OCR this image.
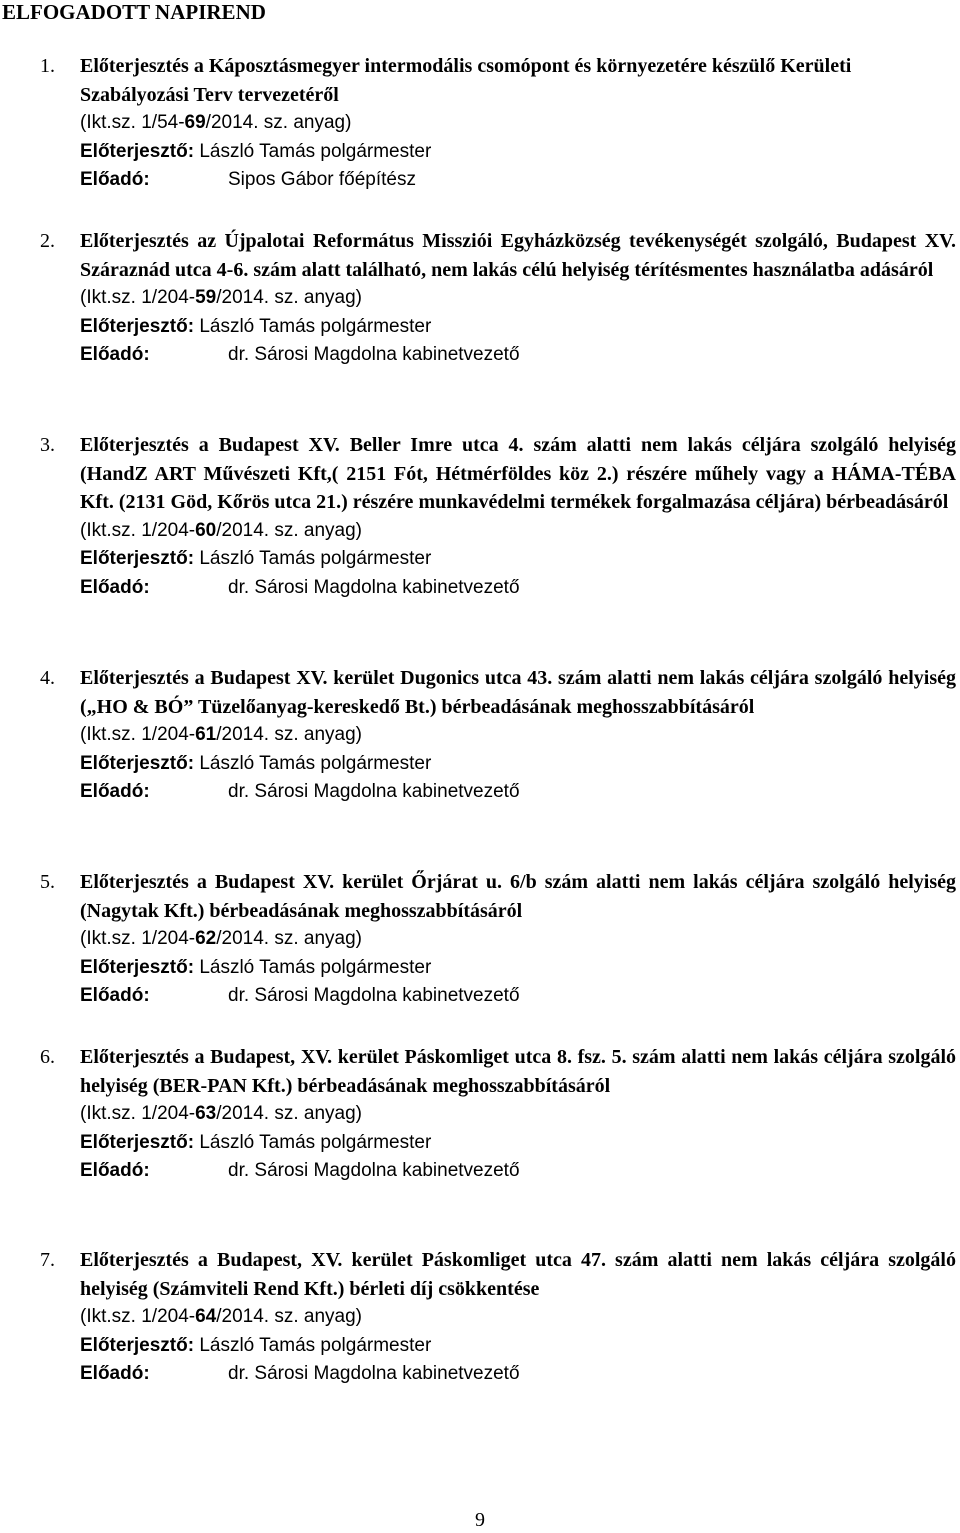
ELFOGADOTT NAPIREND
1. Előterjesztés a Káposztásmegyer intermodális csomópont és környezetére készülő Kerületi Szabályozási Terv tervezetéről
(Ikt.sz. 1/54-69/2014. sz. anyag)
Előterjesztő: László Tamás polgármester
Előadó:	Sipos Gábor főépítész
2. Előterjesztés az Újpalotai Református Missziói Egyházközség tevékenységét szolgáló, Budapest XV. Száraznád utca 4-6. szám alatt található, nem lakás célú helyiség térítésmentes használatba adásáról
(Ikt.sz. 1/204-59/2014. sz. anyag)
Előterjesztő: László Tamás polgármester
Előadó:	dr. Sárosi Magdolna kabinetvezető
3. Előterjesztés a Budapest XV. Beller Imre utca 4. szám alatti nem lakás céljára szolgáló helyiség (HandZ ART Művészeti Kft,( 2151 Fót, Hétmérföldes köz 2.) részére műhely vagy a HÁMA-TÉBA Kft. (2131 Göd, Kőrös utca 21.) részére munkavédelmi termékek forgalmazása céljára) bérbeadásáról
(Ikt.sz. 1/204-60/2014. sz. anyag)
Előterjesztő: László Tamás polgármester
Előadó:	dr. Sárosi Magdolna kabinetvezető
4. Előterjesztés a Budapest XV. kerület Dugonics utca 43. szám alatti nem lakás céljára szolgáló helyiség („HO & BÓ” Tüzelőanyag-kereskedő Bt.) bérbeadásának meghosszabbításáról
(Ikt.sz. 1/204-61/2014. sz. anyag)
Előterjesztő: László Tamás polgármester
Előadó:	dr. Sárosi Magdolna kabinetvezető
5. Előterjesztés a Budapest XV. kerület Őrjárat u. 6/b szám alatti nem lakás céljára szolgáló helyiség (Nagytak Kft.) bérbeadásának meghosszabbításáról
(Ikt.sz. 1/204-62/2014. sz. anyag)
Előterjesztő: László Tamás polgármester
Előadó:	dr. Sárosi Magdolna kabinetvezető
6. Előterjesztés a Budapest, XV. kerület Páskomliget utca 8. fsz. 5. szám alatti nem lakás céljára szolgáló helyiség (BER-PAN Kft.) bérbeadásának meghosszabbításáról
(Ikt.sz. 1/204-63/2014. sz. anyag)
Előterjesztő: László Tamás polgármester
Előadó:	dr. Sárosi Magdolna kabinetvezető
7. Előterjesztés a Budapest, XV. kerület Páskomliget utca 47. szám alatti nem lakás céljára szolgáló helyiség (Számviteli Rend Kft.) bérleti díj csökkentése
(Ikt.sz. 1/204-64/2014. sz. anyag)
Előterjesztő: László Tamás polgármester
Előadó:	dr. Sárosi Magdolna kabinetvezető
9
